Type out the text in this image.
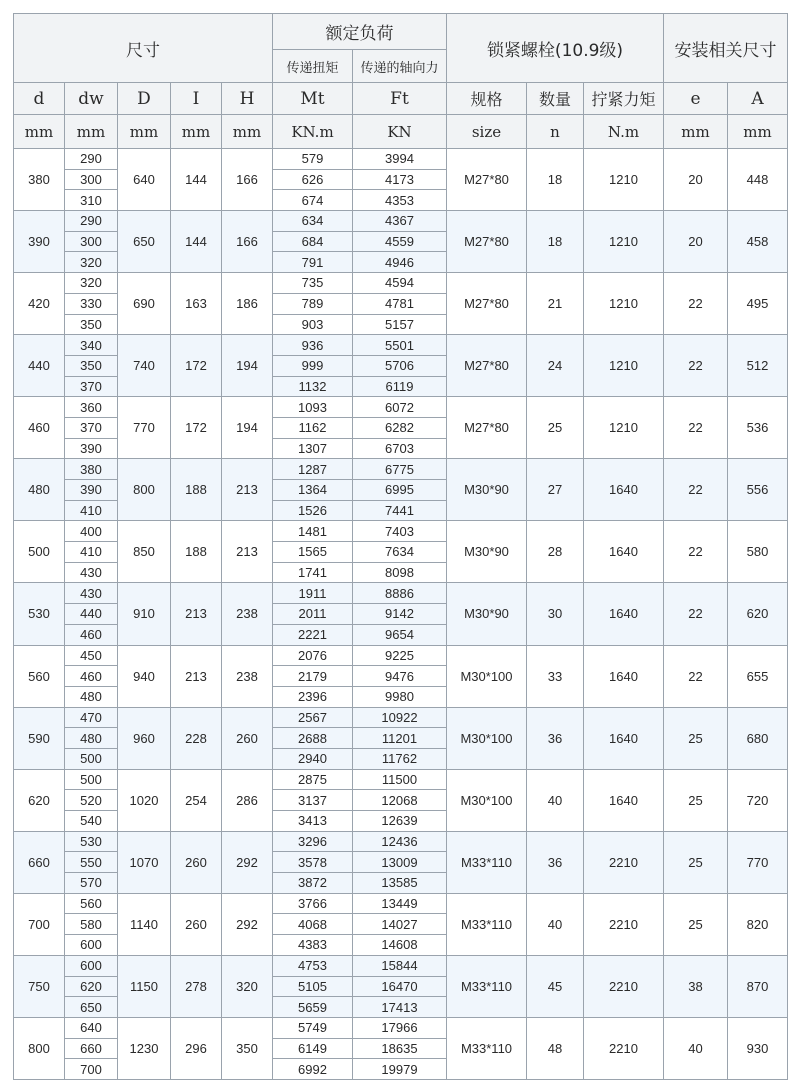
尺寸					额定负荷		锁紧螺栓(10.9级)			安装相关尺寸	
					传递扭矩	传递的轴向力					
d	dw	D	I	H	Mt	Ft	规格	数量	拧紧力矩	e	A
mm	mm	mm	mm	mm	KN.m	KN	size	n	N.m	mm	mm
380	290	640	144	166	579	3994	M27*80	18	1210	20	448
	300				626	4173					
	310				674	4353					
390	290	650	144	166	634	4367	M27*80	18	1210	20	458
	300				684	4559					
	320				791	4946					
420	320	690	163	186	735	4594	M27*80	21	1210	22	495
	330				789	4781					
	350				903	5157					
440	340	740	172	194	936	5501	M27*80	24	1210	22	512
	350				999	5706					
	370				1132	6119					
460	360	770	172	194	1093	6072	M27*80	25	1210	22	536
	370				1162	6282					
	390				1307	6703					
480	380	800	188	213	1287	6775	M30*90	27	1640	22	556
	390				1364	6995					
	410				1526	7441					
500	400	850	188	213	1481	7403	M30*90	28	1640	22	580
	410				1565	7634					
	430				1741	8098					
530	430	910	213	238	1911	8886	M30*90	30	1640	22	620
	440				2011	9142					
	460				2221	9654					
560	450	940	213	238	2076	9225	M30*100	33	1640	22	655
	460				2179	9476					
	480				2396	9980					
590	470	960	228	260	2567	10922	M30*100	36	1640	25	680
	480				2688	11201					
	500				2940	11762					
620	500	1020	254	286	2875	11500	M30*100	40	1640	25	720
	520				3137	12068					
	540				3413	12639					
660	530	1070	260	292	3296	12436	M33*110	36	2210	25	770
	550				3578	13009					
	570				3872	13585					
700	560	1140	260	292	3766	13449	M33*110	40	2210	25	820
	580				4068	14027					
	600				4383	14608					
750	600	1150	278	320	4753	15844	M33*110	45	2210	38	870
	620				5105	16470					
	650				5659	17413					
800	640	1230	296	350	5749	17966	M33*110	48	2210	40	930
	660				6149	18635					
	700				6992	19979					
